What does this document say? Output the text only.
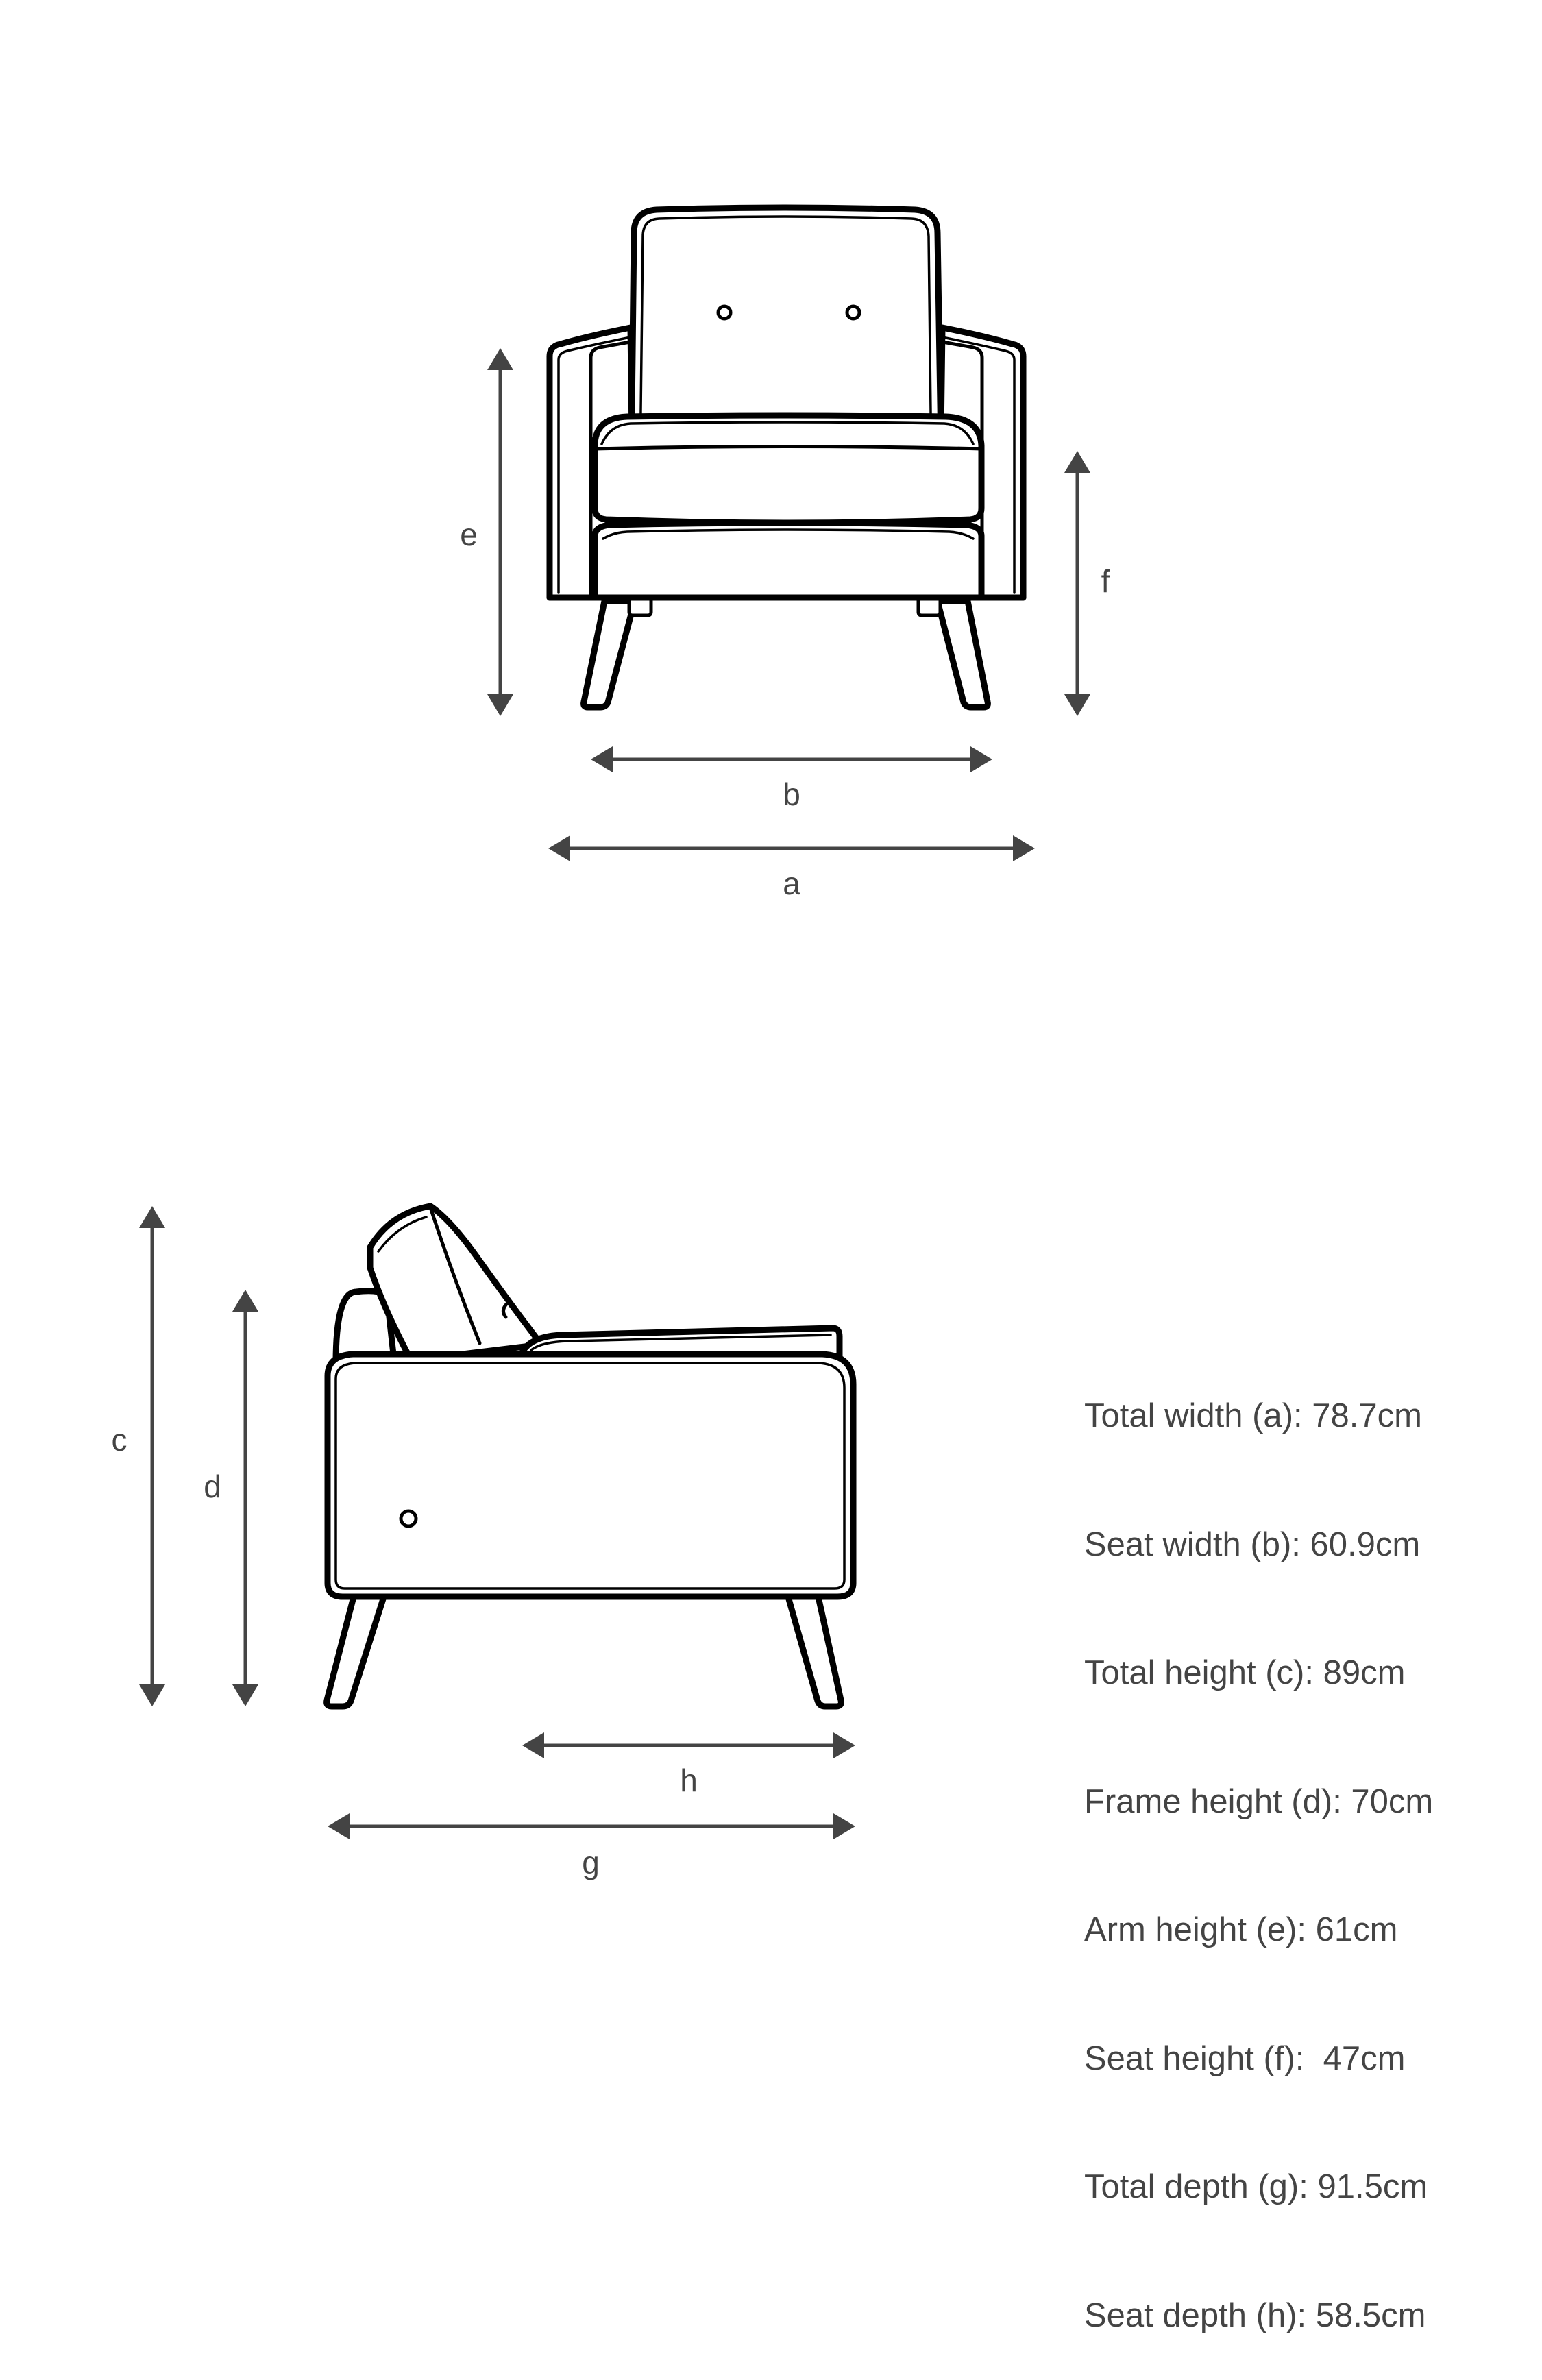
e
f
b
a
c
d
h
g

Total width (a): 78.7cm

Seat width (b): 60.9cm

Total height (c): 89cm

Frame height (d): 70cm

Arm height (e): 61cm

Seat height (f):  47cm

Total depth (g): 91.5cm

Seat depth (h): 58.5cm
